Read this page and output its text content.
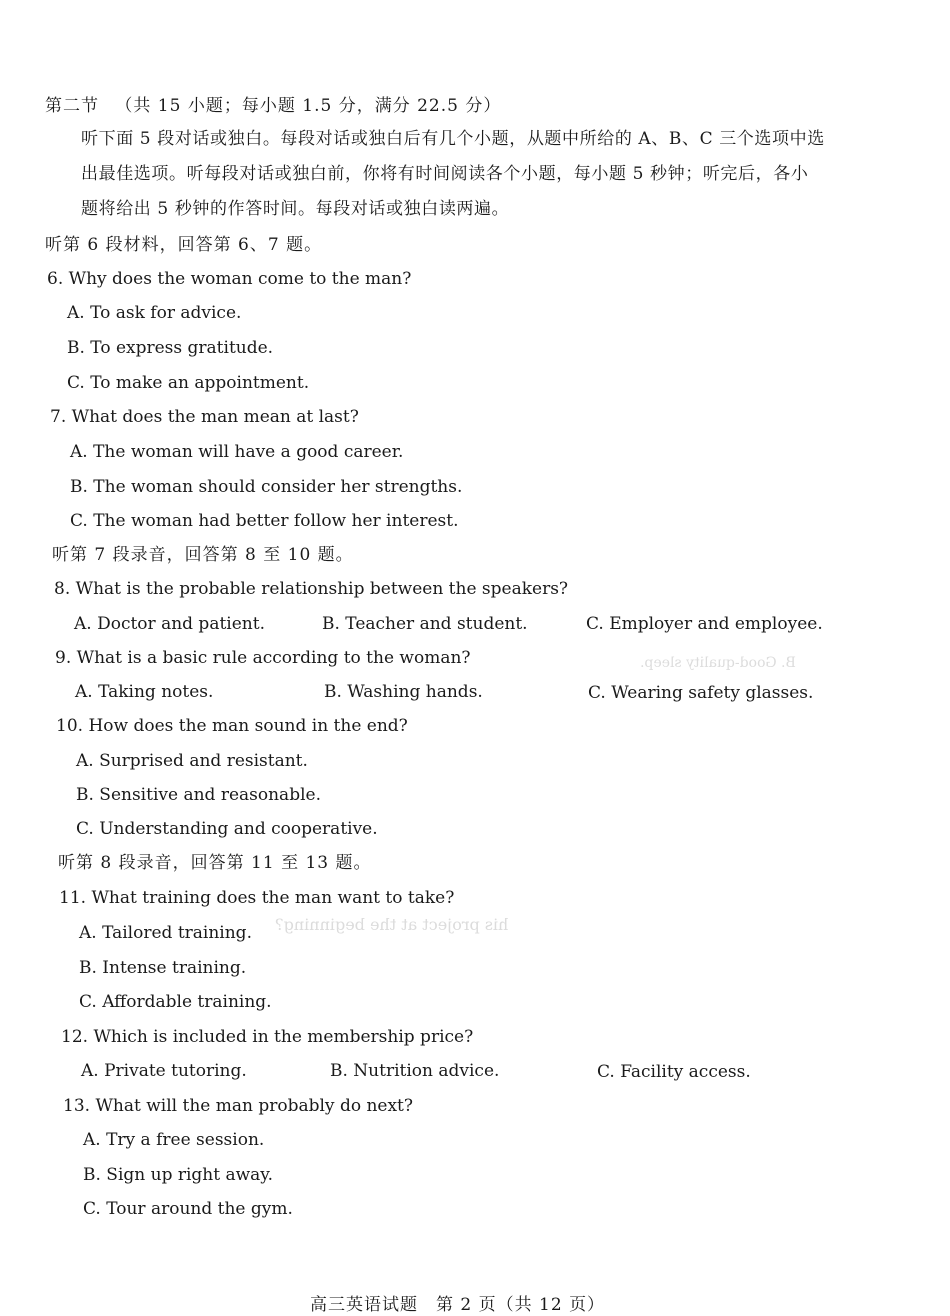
B. Good-quality sleep.
his project at the beginning?
第二节 （共 15 小题；每小题 1.5 分，满分 22.5 分）
听下面 5 段对话或独白。每段对话或独白后有几个小题，从题中所给的 A、B、C 三个选项中选出最佳选项。听每段对话或独白前，你将有时间阅读各个小题，每小题 5 秒钟；听完后，各小题将给出 5 秒钟的作答时间。每段对话或独白读两遍。
听第 6 段材料，回答第 6、7 题。
6. Why does the woman come to the man?
A. To ask for advice.
B. To express gratitude.
C. To make an appointment.
7. What does the man mean at last?
A. The woman will have a good career.
B. The woman should consider her strengths.
C. The woman had better follow her interest.
听第 7 段录音，回答第 8 至 10 题。
8. What is the probable relationship between the speakers?
A. Doctor and patient.	B. Teacher and student.	C. Employer and employee.
9. What is a basic rule according to the woman?
A. Taking notes.	B. Washing hands.	C. Wearing safety glasses.
10. How does the man sound in the end?
A. Surprised and resistant.
B. Sensitive and reasonable.
C. Understanding and cooperative.
听第 8 段录音，回答第 11 至 13 题。
11. What training does the man want to take?
A. Tailored training.
B. Intense training.
C. Affordable training.
12. Which is included in the membership price?
A. Private tutoring.	B. Nutrition advice.	C. Facility access.
13. What will the man probably do next?
A. Try a free session.
B. Sign up right away.
C. Tour around the gym.
高三英语试题　第 2 页（共 12 页）
